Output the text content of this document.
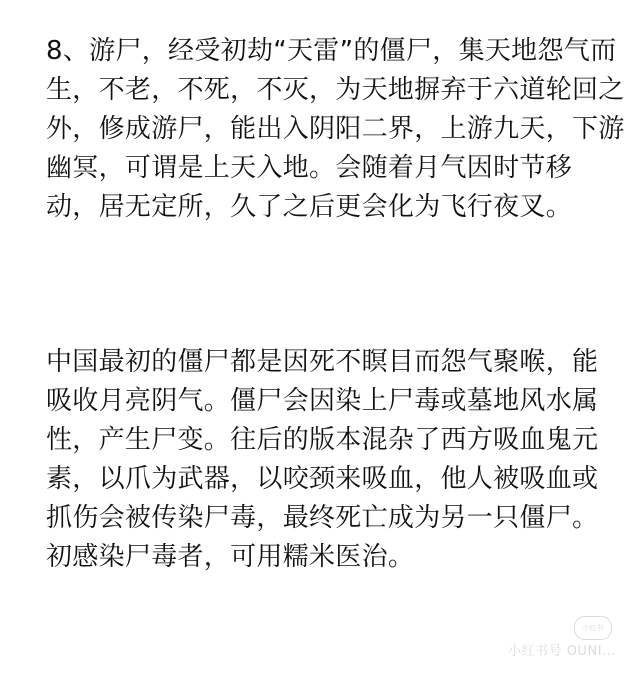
8、游尸，经受初劫“天雷”的僵尸，集天地怨气而
生，不老，不死，不灭，为天地摒弃于六道轮回之
外，修成游尸，能出入阴阳二界，上游九天，下游
幽冥，可谓是上天入地。会随着月气因时节移
动，居无定所，久了之后更会化为飞行夜叉。

中国最初的僵尸都是因死不瞑目而怨气聚喉，能
吸收月亮阴气。僵尸会因染上尸毒或墓地风水属
性，产生尸变。往后的版本混杂了西方吸血鬼元
素，以爪为武器，以咬颈来吸血，他人被吸血或
抓伤会被传染尸毒，最终死亡成为另一只僵尸。
初感染尸毒者，可用糯米医治。

小红书
小红书号 OUNI...
